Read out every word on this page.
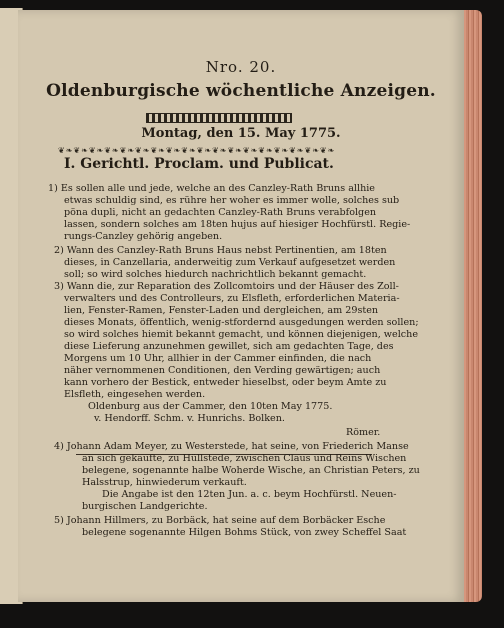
Nro. 20.
Oldenburgische wöchentliche Anzeigen.
Montag, den 15. May 1775.
❦❧❦❧❦❧❦❧❦❧❦❧❦❧❦❧❦❧❦❧❦❧❦❧❦❧❦❧❦❧❦❧❦❧❦❧
I. Gerichtl. Proclam. und Publicat.
1) Es sollen alle und jede, welche an des Canzley-Rath Bruns allhie
etwas schuldig sind, es rühre her woher es immer wolle, solches sub
pöna dupli, nicht an gedachten Canzley-Rath Bruns verabfolgen
lassen, sondern solches am 18ten hujus auf hiesiger Hochfürstl. Regie-
rungs-Canzley gehörig angeben.
2) Wann des Canzley-Rath Bruns Haus nebst Pertinentien, am 18ten
dieses, in Canzellaria, anderweitig zum Verkauf aufgesetzet werden
soll; so wird solches hiedurch nachrichtlich bekannt gemacht.
3) Wann die, zur Reparation des Zollcomtoirs und der Häuser des Zoll-
verwalters und des Controlleurs, zu Elsfleth, erforderlichen Materia-
lien, Fenster-Ramen, Fenster-Laden und dergleichen, am 29sten
dieses Monats, öffentlich, wenig-stfordernd ausgedungen werden sollen;
so wird solches hiemit bekannt gemacht, und können diejenigen, welche
diese Lieferung anzunehmen gewillet, sich am gedachten Tage, des
Morgens um 10 Uhr, allhier in der Cammer einfinden, die nach
näher vernommenen Conditionen, den Verding gewärtigen; auch
kann vorhero der Bestick, entweder hieselbst, oder beym Amte zu
Elsfleth, eingesehen werden.
Oldenburg aus der Cammer, den 10ten May 1775.
v. Hendorff. Schm. v. Hunrichs. Bolken.
Römer.
4) Johann Adam Meyer, zu Westerstede, hat seine, von Friederich Manse
an sich gekaufte, zu Hüllstede, zwischen Claus und Reins Wischen
belegene, sogenannte halbe Woherde Wische, an Christian Peters, zu
Halsstrup, hinwiederum verkauft.
Die Angabe ist den 12ten Jun. a. c. beym Hochfürstl. Neuen-
burgischen Landgerichte.
5) Johann Hillmers, zu Borbäck, hat seine auf dem Borbäcker Esche
belegene sogenannte Hilgen Bohms Stück, von zwey Scheffel Saat
